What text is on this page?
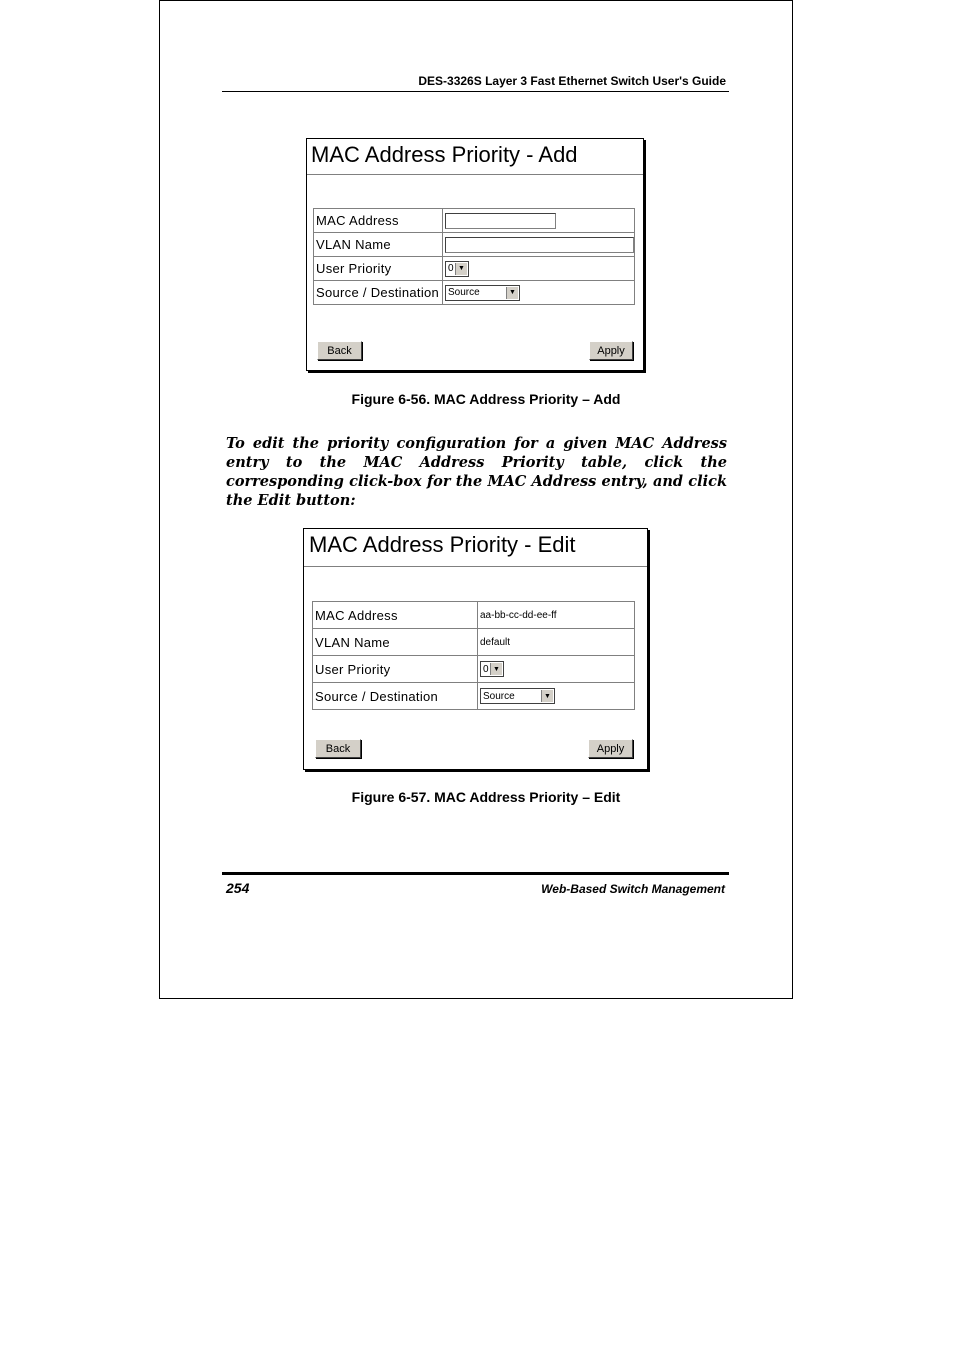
DES-3326S Layer 3 Fast Ethernet Switch User's Guide
MAC Address Priority - Add
MAC Address	
VLAN Name	
User Priority	0 ▼

Source / Destination	Source ▼
Back	Apply
Figure 6-56. MAC Address Priority – Add

To edit the priority configuration for a given MAC Address entry to the MAC Address Priority table, click the corresponding click-box for the MAC Address entry, and click the Edit button:

MAC Address Priority - Edit
MAC Address	aa-bb-cc-dd-ee-ff
VLAN Name	default
User Priority	0 ▼

Source / Destination	Source ▼
Back	Apply
Figure 6-57. MAC Address Priority – Edit
254	Web-Based Switch Management
